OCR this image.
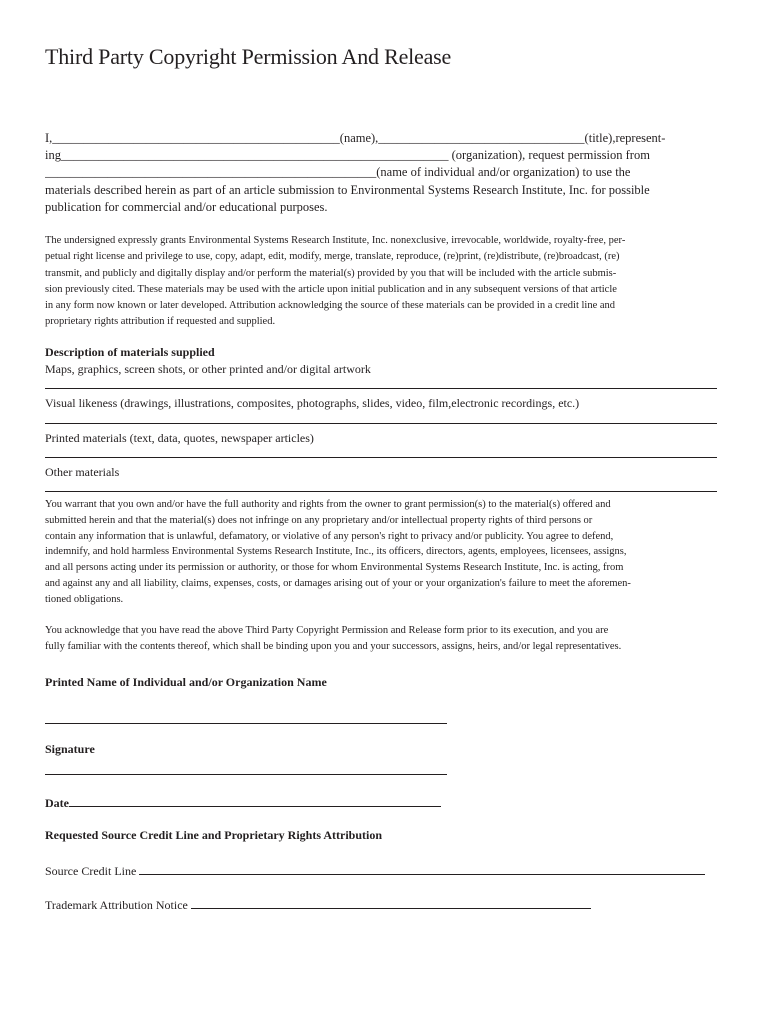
Third Party Copyright Permission And Release
I,______________________________________________(name),_________________________________(title),represent-
ing______________________________________________________________ (organization), request permission from
_____________________________________________________(name of individual and/or organization) to use the
materials described herein as part of an article submission to Environmental Systems Research Institute, Inc. for possible
publication for commercial and/or educational purposes.
The undersigned expressly grants Environmental Systems Research Institute, Inc. nonexclusive, irrevocable, worldwide, royalty-free, per-
petual right license and privilege to use, copy, adapt, edit, modify, merge, translate, reproduce, (re)print, (re)distribute, (re)broadcast, (re)
transmit, and publicly and digitally display and/or perform the material(s) provided by you that will be included with the article submis-
sion previously cited. These materials may be used with the article upon initial publication and in any subsequent versions of that article
in any form now known or later developed. Attribution acknowledging the source of these materials can be provided in a credit line and
proprietary rights attribution if requested and supplied.
Description of materials supplied
Maps, graphics, screen shots, or other printed and/or digital artwork
Visual likeness (drawings, illustrations, composites, photographs, slides, video, film,electronic recordings, etc.)
Printed materials (text, data, quotes, newspaper articles)
Other materials
You warrant that you own and/or have the full authority and rights from the owner to grant permission(s) to the material(s) offered and
submitted herein and that the material(s) does not infringe on any proprietary and/or intellectual property rights of third persons or
contain any information that is unlawful, defamatory, or violative of any person's right to privacy and/or publicity. You agree to defend,
indemnify, and hold harmless Environmental Systems Research Institute, Inc., its officers, directors, agents, employees, licensees, assigns,
and all persons acting under its permission or authority, or those for whom Environmental Systems Research Institute, Inc. is acting, from
and against any and all liability, claims, expenses, costs, or damages arising out of your or your organization's failure to meet the aforemen-
tioned obligations.
You acknowledge that you have read the above Third Party Copyright Permission and Release form prior to its execution, and you are
fully familiar with the contents thereof, which shall be binding upon you and your successors, assigns, heirs, and/or legal representatives.
Printed Name of Individual and/or Organization Name
Signature
Date
Requested Source Credit Line and Proprietary Rights Attribution
Source Credit Line
Trademark Attribution Notice
